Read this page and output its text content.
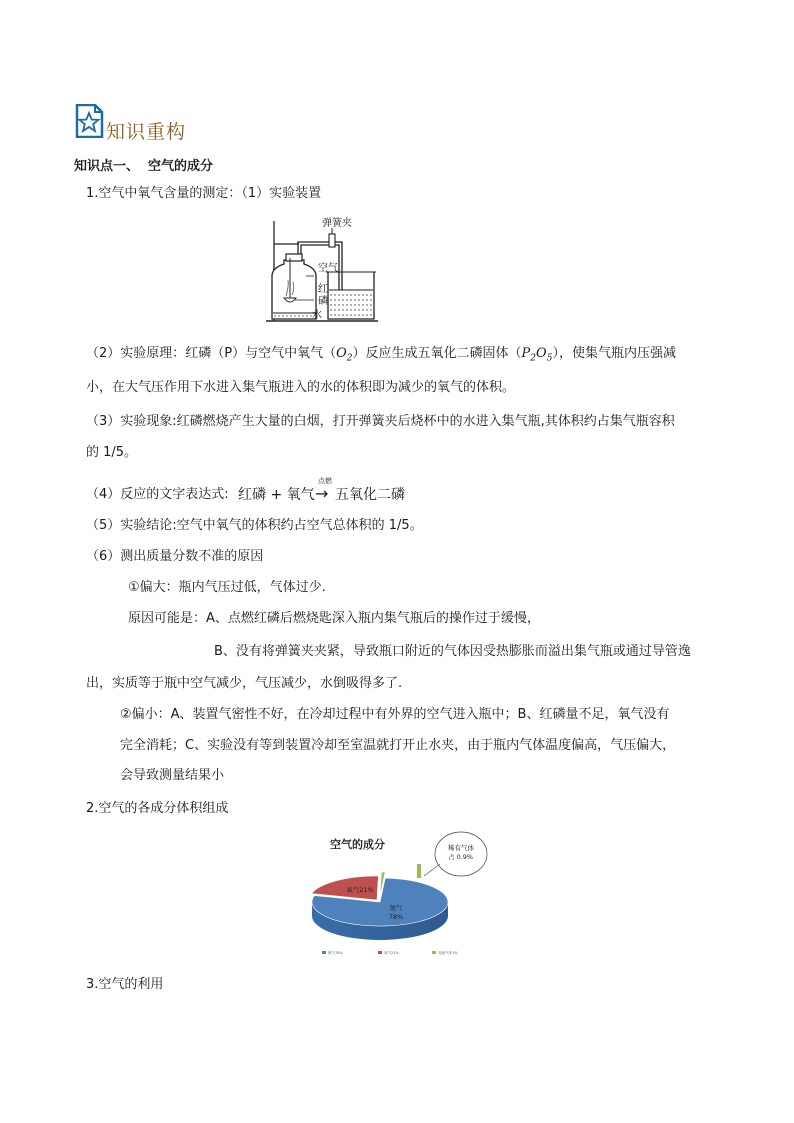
知识重构
知识点一、  空气的成分
1.空气中氧气含量的测定：（1）实验装置
弹簧夹
空气
红
磷
水
（2）实验原理：红磷（P）与空气中氧气$(O_2)$反应生成五氧化二磷固体$(P_2O_5)$，使集气瓶内压强减
小，在大气压作用下水进入集气瓶进入的水的体积即为减少的氧气的体积。
（3）实验现象:红磷燃烧产生大量的白烟，打开弹簧夹后烧杯中的水进入集气瓶,其体积约占集气瓶容积
的 1/5。
（4）反应的文字表达式: 红磷 + 氧气
点燃
→ 五氧化二磷
（5）实验结论:空气中氧气的体积约占空气总体积的 1/5。
（6）测出质量分数不准的原因
①偏大：瓶内气压过低，气体过少.
原因可能是：A、点燃红磷后燃烧匙深入瓶内集气瓶后的操作过于缓慢，
B、没有将弹簧夹夹紧，导致瓶口附近的气体因受热膨胀而溢出集气瓶或通过导管逸
出，实质等于瓶中空气减少，气压减少，水倒吸得多了.
②偏小：A、装置气密性不好，在冷却过程中有外界的空气进入瓶中；B、红磷量不足，氧气没有
完全消耗；C、实验没有等到装置冷却至室温就打开止水夹，由于瓶内气体温度偏高，气压偏大，
会导致测量结果小
2.空气的各成分体积组成
空气的成分
氧气21%
氮气
78%
稀有气体
占 0.9%
氮气78%	氧气21%	其他气体1%
3.空气的利用
